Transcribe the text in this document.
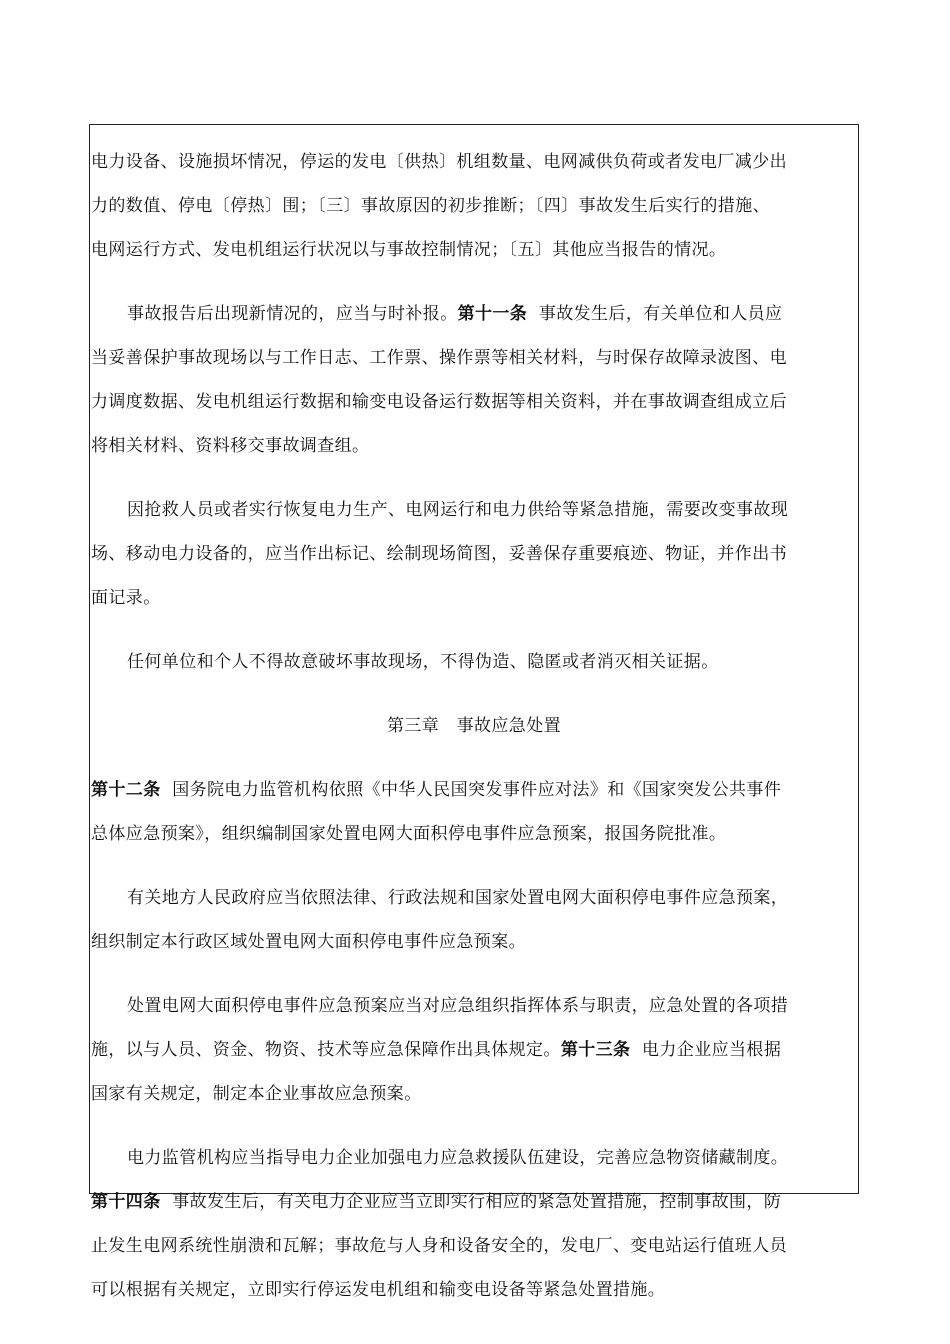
电力设备、设施损坏情况，停运的发电〔供热〕机组数量、电网减供负荷或者发电厂减少出
力的数值、停电〔停热〕围；〔三〕事故原因的初步推断；〔四〕事故发生后实行的措施、
电网运行方式、发电机组运行状况以与事故控制情况；〔五〕其他应当报告的情况。
事故报告后出现新情况的，应当与时补报。第十一条  事故发生后，有关单位和人员应
当妥善保护事故现场以与工作日志、工作票、操作票等相关材料，与时保存故障录波图、电
力调度数据、发电机组运行数据和输变电设备运行数据等相关资料，并在事故调查组成立后
将相关材料、资料移交事故调查组。
因抢救人员或者实行恢复电力生产、电网运行和电力供给等紧急措施，需要改变事故现
场、移动电力设备的，应当作出标记、绘制现场简图，妥善保存重要痕迹、物证，并作出书
面记录。
任何单位和个人不得故意破坏事故现场，不得伪造、隐匿或者消灭相关证据。
第三章   事故应急处置
第十二条  国务院电力监管机构依照《中华人民国突发事件应对法》和《国家突发公共事件
总体应急预案》，组织编制国家处置电网大面积停电事件应急预案，报国务院批准。
有关地方人民政府应当依照法律、行政法规和国家处置电网大面积停电事件应急预案，
组织制定本行政区域处置电网大面积停电事件应急预案。
处置电网大面积停电事件应急预案应当对应急组织指挥体系与职责，应急处置的各项措
施，以与人员、资金、物资、技术等应急保障作出具体规定。第十三条  电力企业应当根据
国家有关规定，制定本企业事故应急预案。
电力监管机构应当指导电力企业加强电力应急救援队伍建设，完善应急物资储藏制度。
第十四条  事故发生后，有关电力企业应当立即实行相应的紧急处置措施，控制事故围，防
止发生电网系统性崩溃和瓦解；事故危与人身和设备安全的，发电厂、变电站运行值班人员
可以根据有关规定，立即实行停运发电机组和输变电设备等紧急处置措施。
